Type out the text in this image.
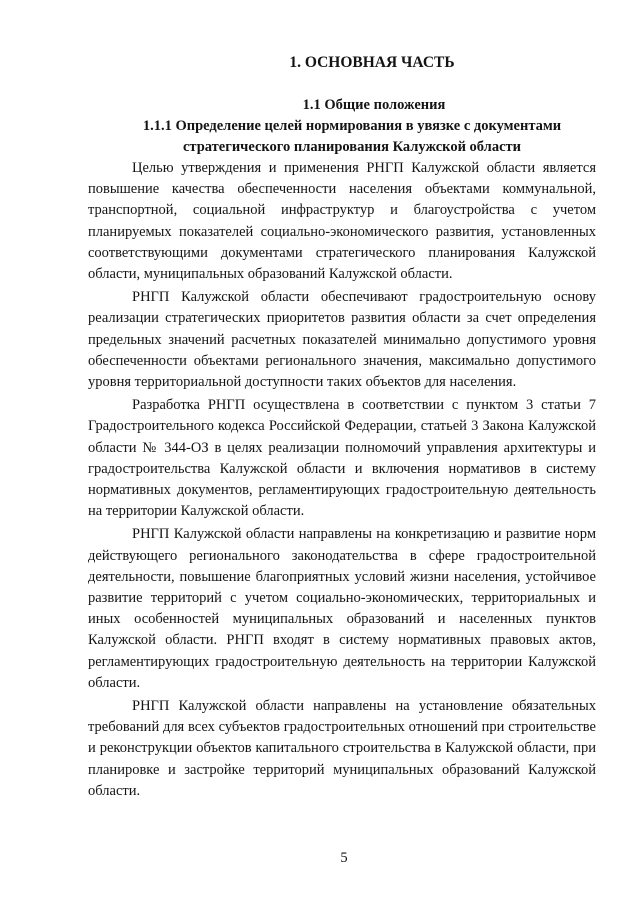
1. ОСНОВНАЯ ЧАСТЬ
1.1 Общие положения
1.1.1 Определение целей нормирования в увязке с документами стратегического планирования Калужской области

Целью утверждения и применения РНГП Калужской области является повышение качества обеспеченности населения объектами коммунальной, транспортной, социальной инфраструктур и благоустройства с учетом планируемых показателей социально-экономического развития, установленных соответствующими документами стратегического планирования Калужской области, муниципальных образований Калужской области.

РНГП Калужской области обеспечивают градостроительную основу реализации стратегических приоритетов развития области за счет определения предельных значений расчетных показателей минимально допустимого уровня обеспеченности объектами регионального значения, максимально допустимого уровня территориальной доступности таких объектов для населения.

Разработка РНГП осуществлена в соответствии с пунктом 3 статьи 7 Градостроительного кодекса Российской Федерации, статьей 3 Закона Калужской области № 344-ОЗ в целях реализации полномочий управления архитектуры и градостроительства Калужской области и включения нормативов в систему нормативных документов, регламентирующих градостроительную деятельность на территории Калужской области.

РНГП Калужской области направлены на конкретизацию и развитие норм действующего регионального законодательства в сфере градостроительной деятельности, повышение благоприятных условий жизни населения, устойчивое развитие территорий с учетом социально-экономических, территориальных и иных особенностей муниципальных образований и населенных пунктов Калужской области. РНГП входят в систему нормативных правовых актов, регламентирующих градостроительную деятельность на территории Калужской области.

РНГП Калужской области направлены на установление обязательных требований для всех субъектов градостроительных отношений при строительстве и реконструкции объектов капитального строительства в Калужской области, при планировке и застройке территорий муниципальных образований Калужской области.

5
